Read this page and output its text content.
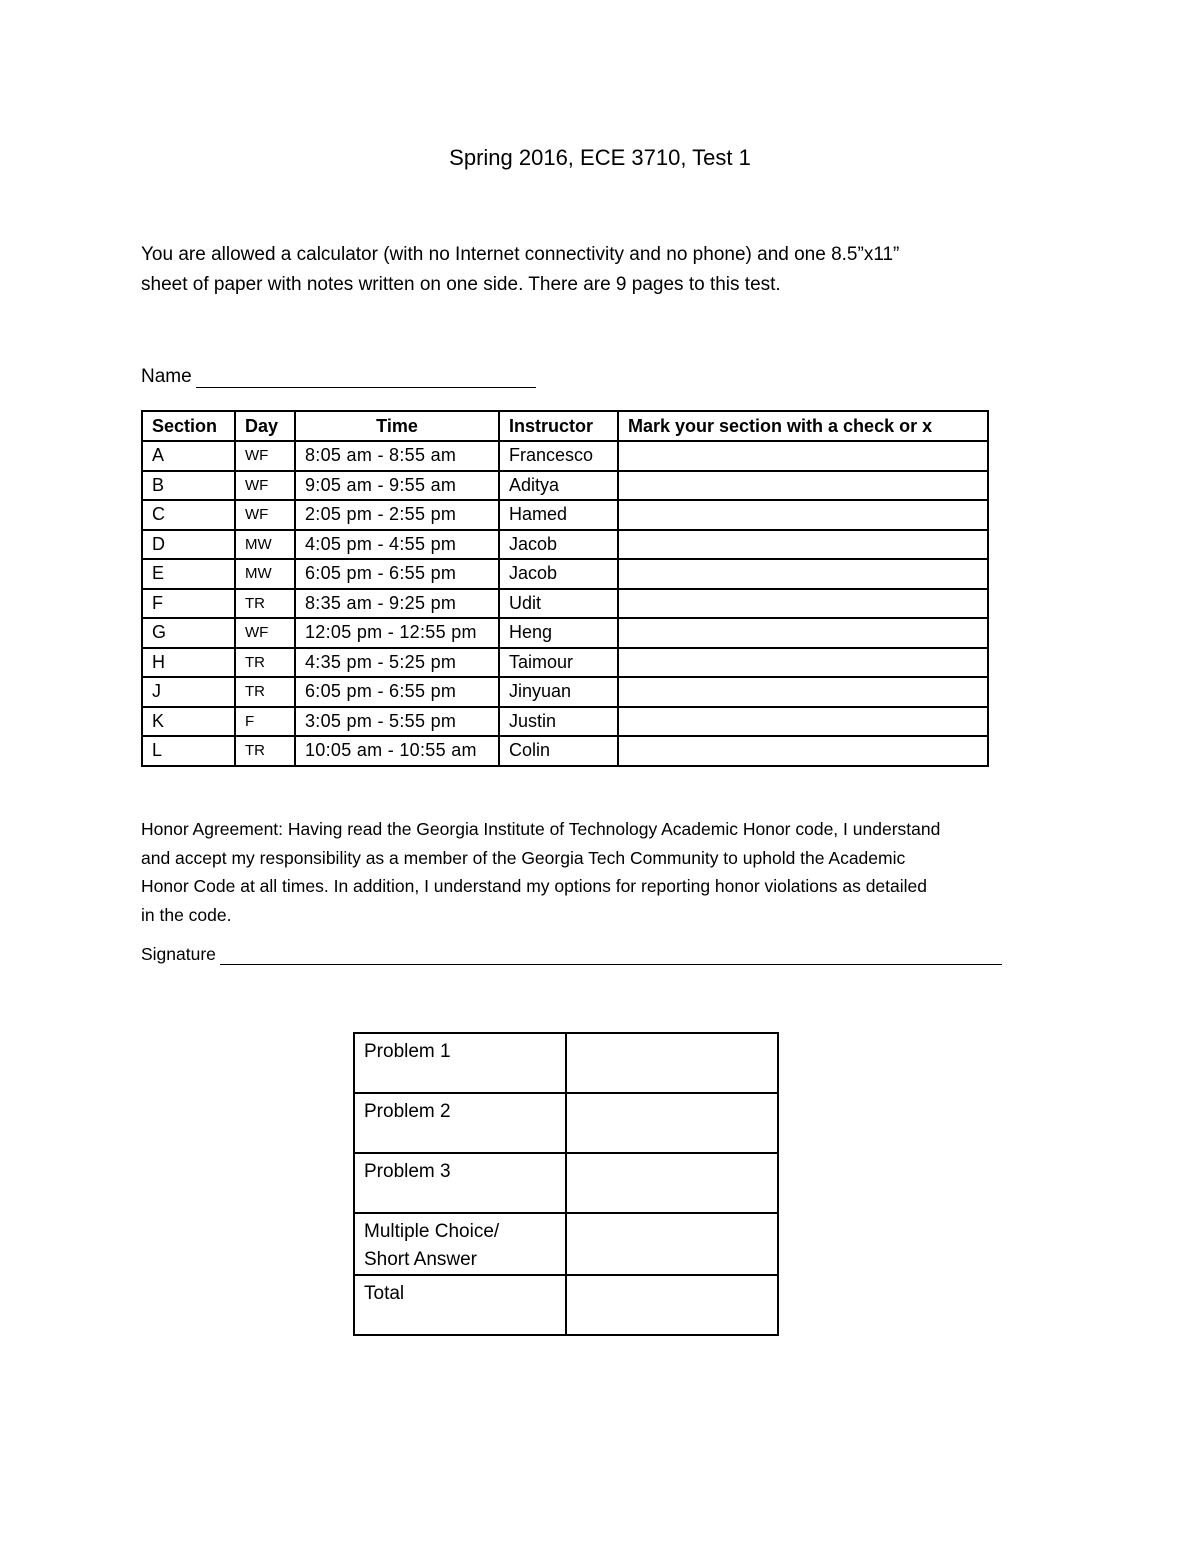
Spring 2016, ECE 3710, Test 1

You are allowed a calculator (with no Internet connectivity and no phone) and one 8.5”x11”

sheet of paper with notes written on one side. There are 9 pages to this test.

Name
Section	Day	Time	Instructor	Mark your section with a check or x
A	WF	8:05 am - 8:55 am	Francesco	
B	WF	9:05 am - 9:55 am	Aditya	
C	WF	2:05 pm - 2:55 pm	Hamed	
D	MW	4:05 pm - 4:55 pm	Jacob	
E	MW	6:05 pm - 6:55 pm	Jacob	
F	TR	8:35 am - 9:25 pm	Udit	
G	WF	12:05 pm - 12:55 pm	Heng	
H	TR	4:35 pm - 5:25 pm	Taimour	
J	TR	6:05 pm - 6:55 pm	Jinyuan	
K	F	3:05 pm - 5:55 pm	Justin	
L	TR	10:05 am - 10:55 am	Colin	

Honor Agreement: Having read the Georgia Institute of Technology Academic Honor code, I understand

and accept my responsibility as a member of the Georgia Tech Community to uphold the Academic

Honor Code at all times. In addition, I understand my options for reporting honor violations as detailed

in the code.

Signature
Problem 1	
Problem 2	
Problem 3	

Multiple Choice/
Short Answer	

Total	
